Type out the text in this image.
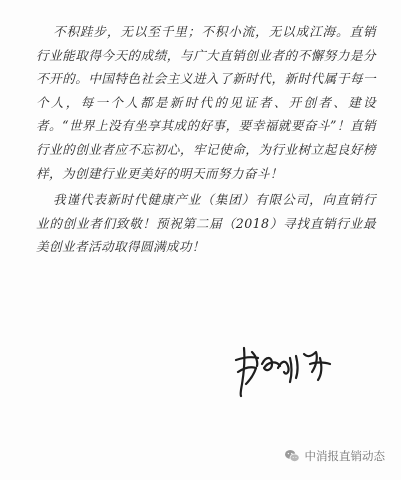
不积跬步，无以至千里；不积小流，无以成江海。直销行业能取得今天的成绩，与广大直销创业者的不懈努力是分不开的。中国特色社会主义进入了新时代，新时代属于每一个人，每一个人都是新时代的见证者、开创者、建设者。“世界上没有坐享其成的好事，要幸福就要奋斗”！直销行业的创业者应不忘初心，牢记使命，为行业树立起良好榜样，为创建行业更美好的明天而努力奋斗！

我谨代表新时代健康产业（集团）有限公司，向直销行业的创业者们致敬！预祝第二届（2018）寻找直销行业最美创业者活动取得圆满成功！

中消报直销动态
